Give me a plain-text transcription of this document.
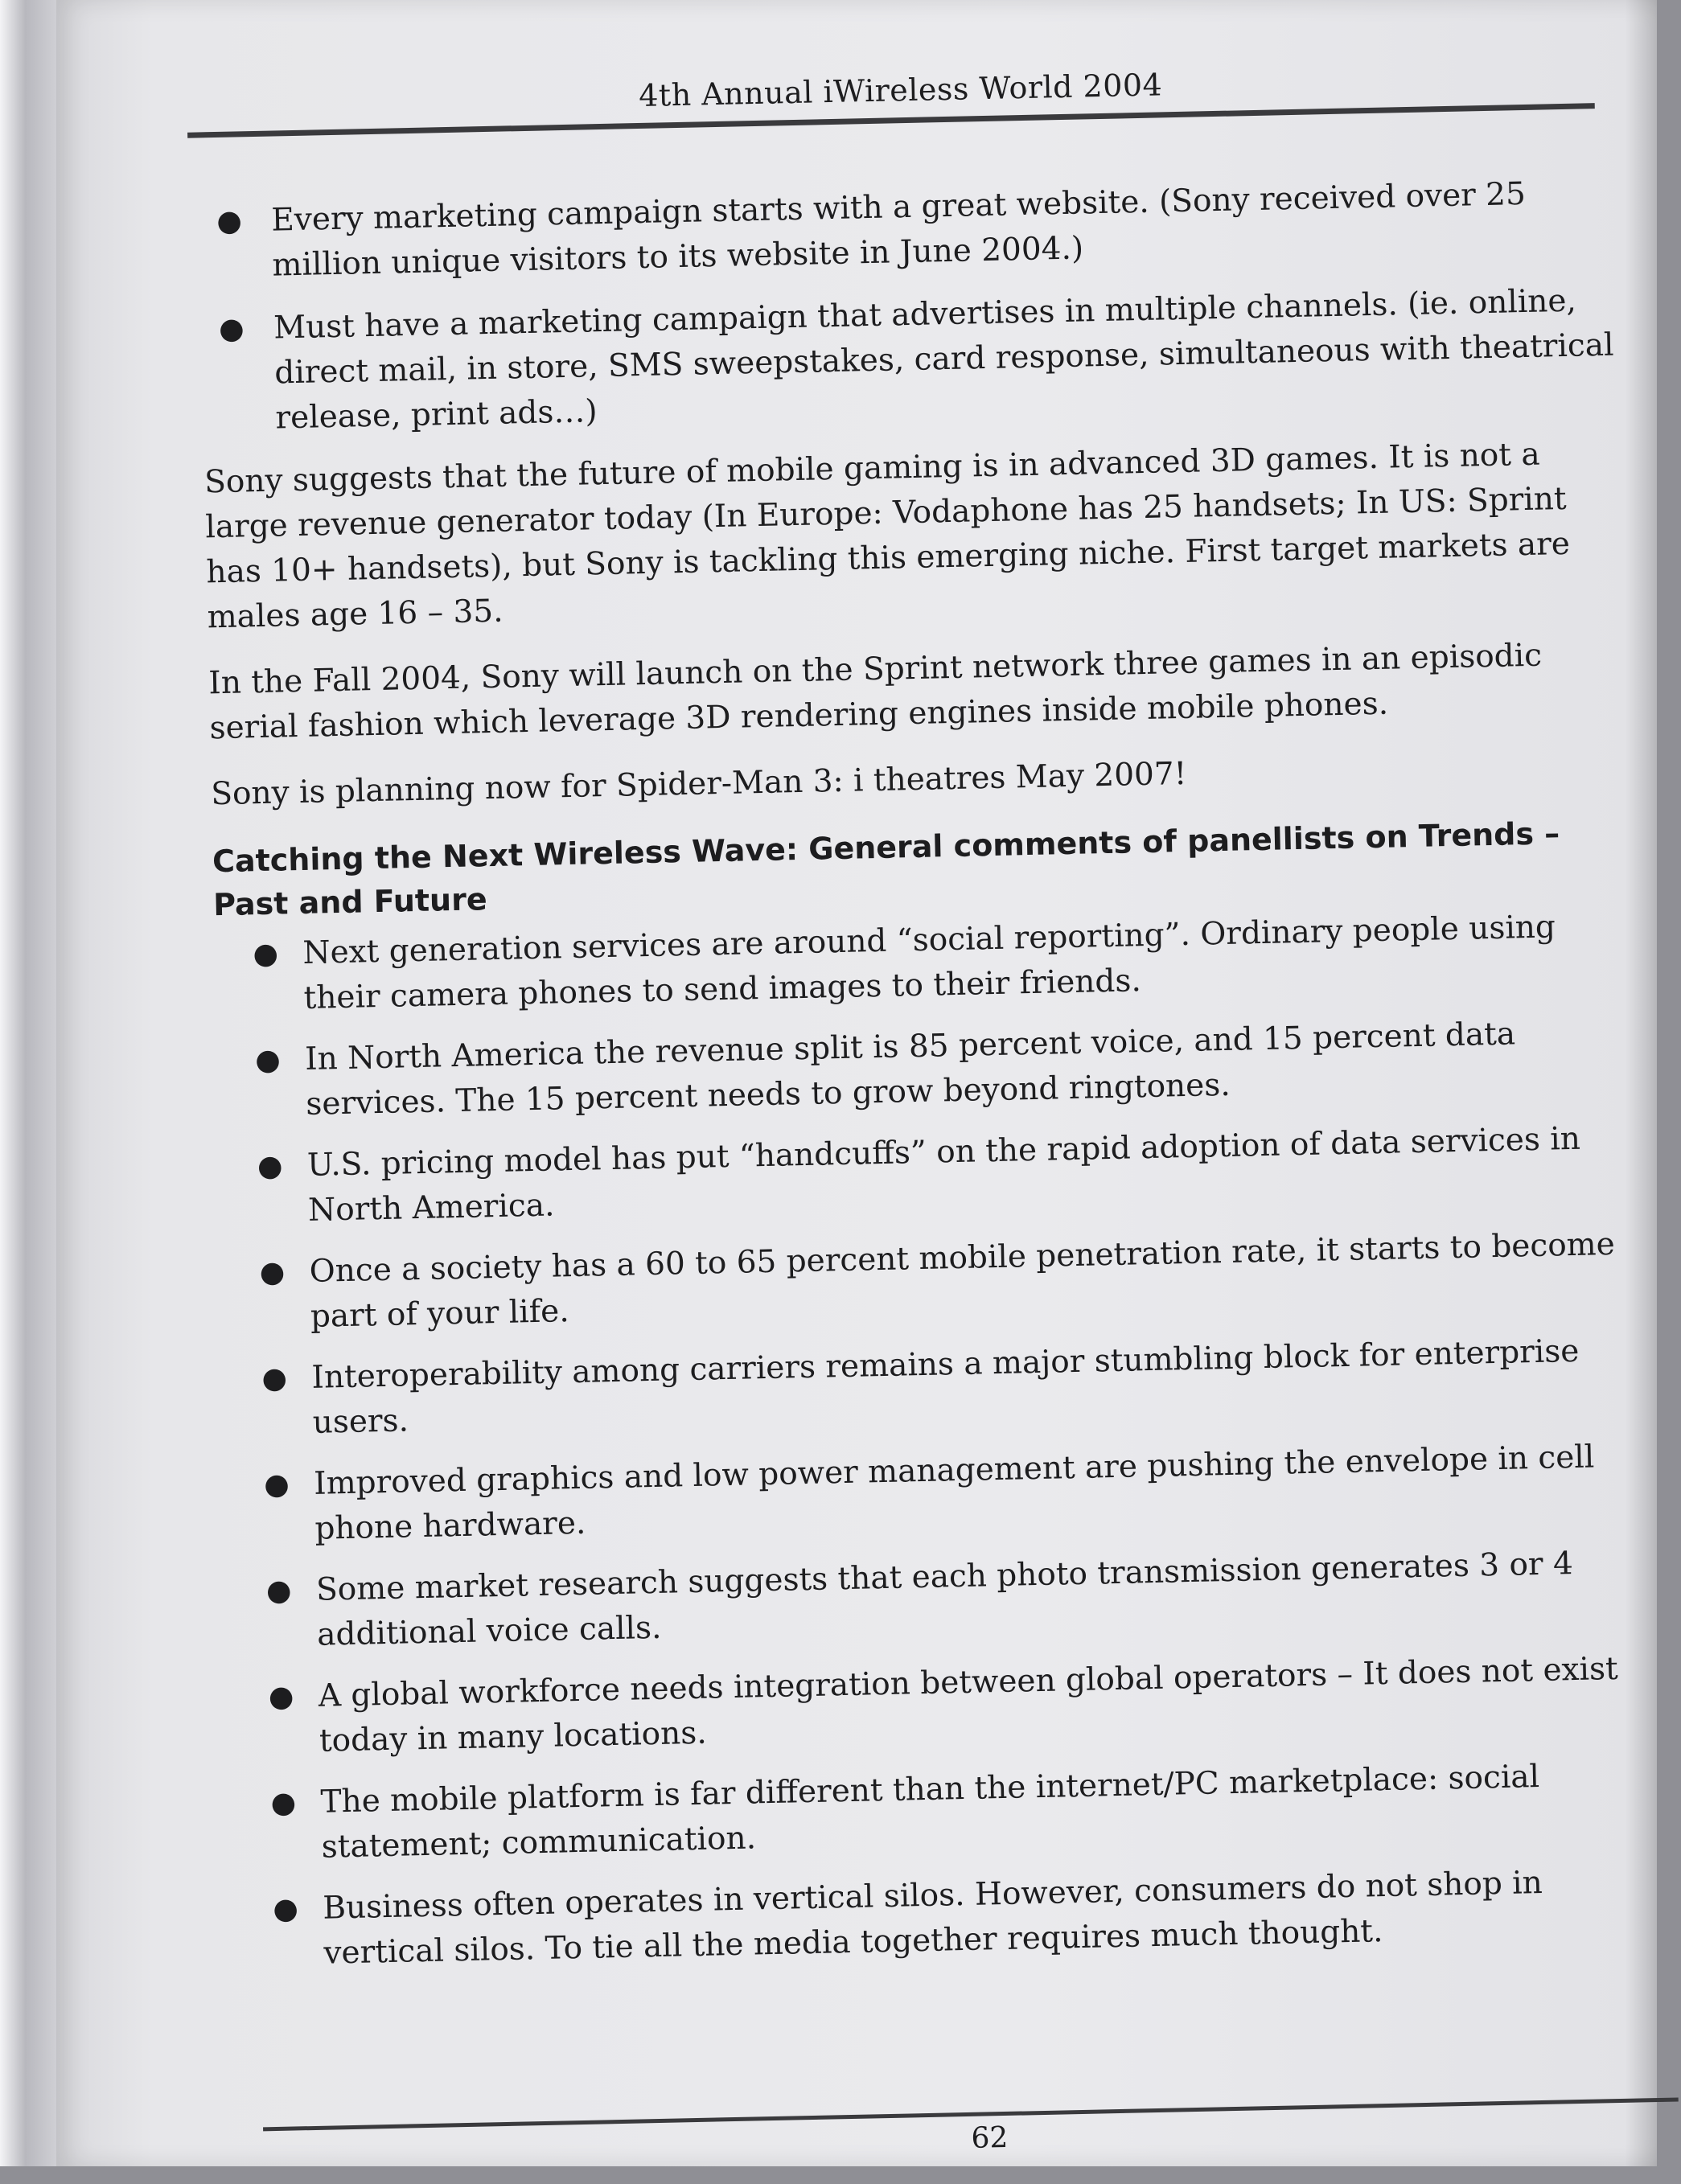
4th Annual iWireless World 2004
● Every marketing campaign starts with a great website. (Sony received over 25 million unique visitors to its website in June 2004.)
● Must have a marketing campaign that advertises in multiple channels. (ie. online, direct mail, in store, SMS sweepstakes, card response, simultaneous with theatrical release, print ads…)

Sony suggests that the future of mobile gaming is in advanced 3D games. It is not a large revenue generator today (In Europe: Vodaphone has 25 handsets; In US: Sprint has 10+ handsets), but Sony is tackling this emerging niche. First target markets are males age 16 – 35.

In the Fall 2004, Sony will launch on the Sprint network three games in an episodic serial fashion which leverage 3D rendering engines inside mobile phones.

Sony is planning now for Spider-Man 3: i theatres May 2007!

Catching the Next Wireless Wave: General comments of panellists on Trends – Past and Future
● Next generation services are around “social reporting”. Ordinary people using their camera phones to send images to their friends.
● In North America the revenue split is 85 percent voice, and 15 percent data services. The 15 percent needs to grow beyond ringtones.
● U.S. pricing model has put “handcuffs” on the rapid adoption of data services in North America.
● Once a society has a 60 to 65 percent mobile penetration rate, it starts to become part of your life.
● Interoperability among carriers remains a major stumbling block for enterprise users.
● Improved graphics and low power management are pushing the envelope in cell phone hardware.
● Some market research suggests that each photo transmission generates 3 or 4 additional voice calls.
● A global workforce needs integration between global operators – It does not exist today in many locations.
● The mobile platform is far different than the internet/PC marketplace: social statement; communication.
● Business often operates in vertical silos. However, consumers do not shop in vertical silos. To tie all the media together requires much thought.
62
